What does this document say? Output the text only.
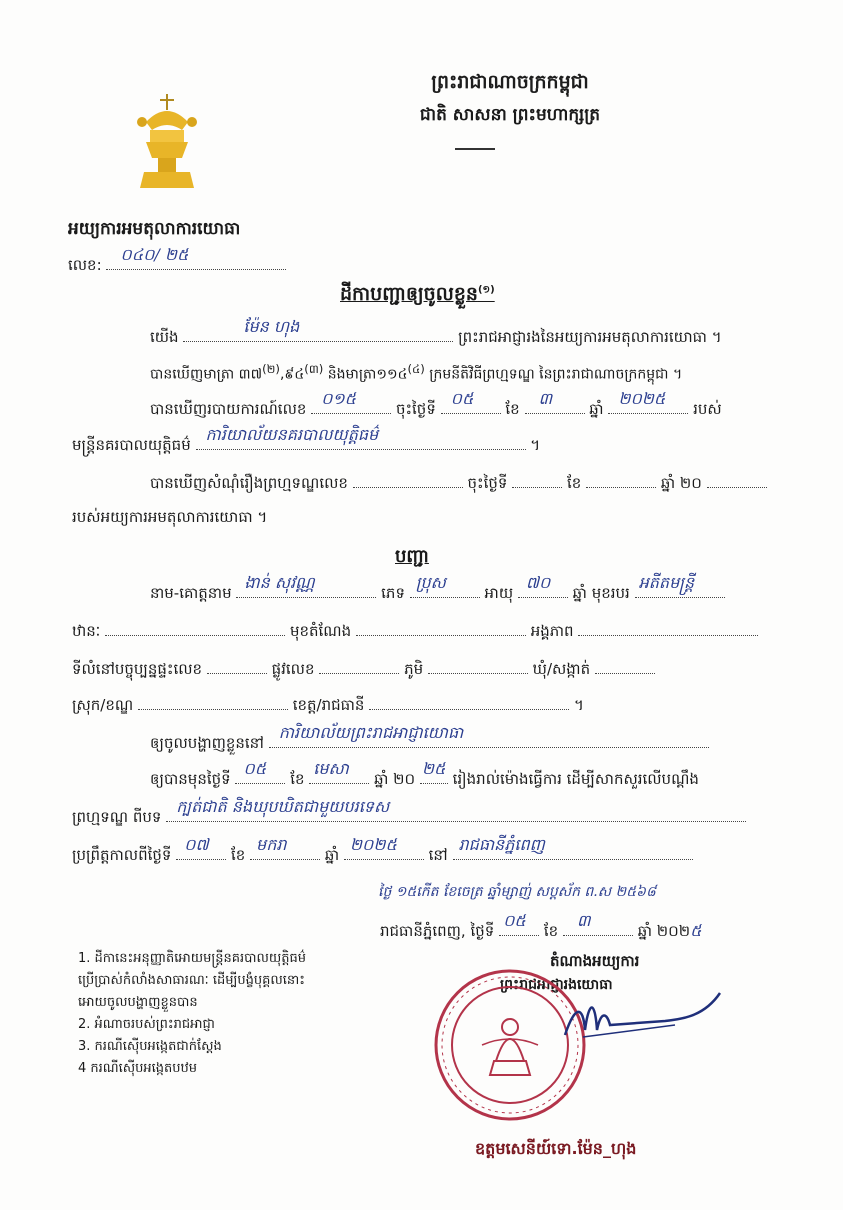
ព្រះរាជាណាចក្រកម្ពុជា
ជាតិ សាសនា ព្រះមហាក្សត្រ
អយ្យការអមតុលាការយោធា
លេខ:
០៤០/ ២៥
ដីកាបញ្ជាឲ្យចូលខ្លួន$^{(១)}$
យើង
ម៉ែន ហុង
ព្រះរាជអាជ្ញារងនៃអយ្យការអមតុលាការយោធា ។
បានឃើញមាត្រា ៣៧$^{(២)}$,៩៤$^{(៣)}$ និងមាត្រា១១៤$^{(៤)}$ ក្រមនីតិវិធីព្រហ្មទណ្ឌ នៃព្រះរាជាណាចក្រកម្ពុជា ។
បានឃើញរបាយការណ៍លេខ
០១៥
ចុះថ្ងៃទី
០៥
ខែ
៣
ឆ្នាំ
២០២៥
របស់
មន្ត្រីនគរបាលយុត្តិធម៌
ការិយាល័យនគរបាលយុត្តិធម៌
។
បានឃើញសំណុំរឿងព្រហ្មទណ្ឌលេខ	ចុះថ្ងៃទី	ខែ	ឆ្នាំ ២០
របស់អយ្យការអមតុលាការយោធា ។
បញ្ជា
នាម-គោត្តនាម
ងាន់ សុវណ្ណ
ភេទ
ប្រុស
អាយុ
៧០
ឆ្នាំ មុខរបរ
អតីតមន្ត្រី
ឋានៈ	មុខតំណែង	អង្គភាព
ទីលំនៅបច្ចុប្បន្នផ្ទះលេខ	ផ្លូវលេខ	ភូមិ	ឃុំ/សង្កាត់
ស្រុក/ខណ្ឌ	ខេត្ត/រាជធានី	។
ឲ្យចូលបង្ហាញខ្លួននៅ
ការិយាល័យព្រះរាជអាជ្ញាយោធា
ឲ្យបានមុនថ្ងៃទី
០៥
ខែ
មេសា
ឆ្នាំ ២០
២៥
រៀងរាល់ម៉ោងធ្វើការ ដើម្បីសាកសួរលើបណ្ដឹង
ព្រហ្មទណ្ឌ ពីបទ
ក្បត់ជាតិ និងឃុបឃិតជាមួយបរទេស
ប្រព្រឹត្តកាលពីថ្ងៃទី
០៧
ខែ
មករា
ឆ្នាំ
២០២៥
នៅ
រាជធានីភ្នំពេញ
ថ្ងៃ ១៥កើត ខែចេត្រ ឆ្នាំម្សាញ់ សប្តស័ក ព.ស ២៥៦៨
រាជធានីភ្នំពេញ, ថ្ងៃទី
០៥
ខែ
៣
ឆ្នាំ ២០២៥
តំណាងអយ្យការ
ព្រះរាជអាជ្ញារងយោធា
ឧត្តមសេនីយ៍ទោ.ម៉ែន_ហុង
1. ដីកានេះអនុញ្ញាតិអោយមន្ត្រីនគរបាលយុត្តិធម៌
ប្រើប្រាស់កំលាំងសាធារណៈ ដើម្បីបង្ខំបុគ្គលនោះ
អោយចូលបង្ហាញខ្លួនបាន
2. អំណាចរបស់ព្រះរាជអាជ្ញា
3. ករណីស៊ើបអង្កេតជាក់ស្តែង
4 ករណីស៊ើបអង្កេតបឋម
